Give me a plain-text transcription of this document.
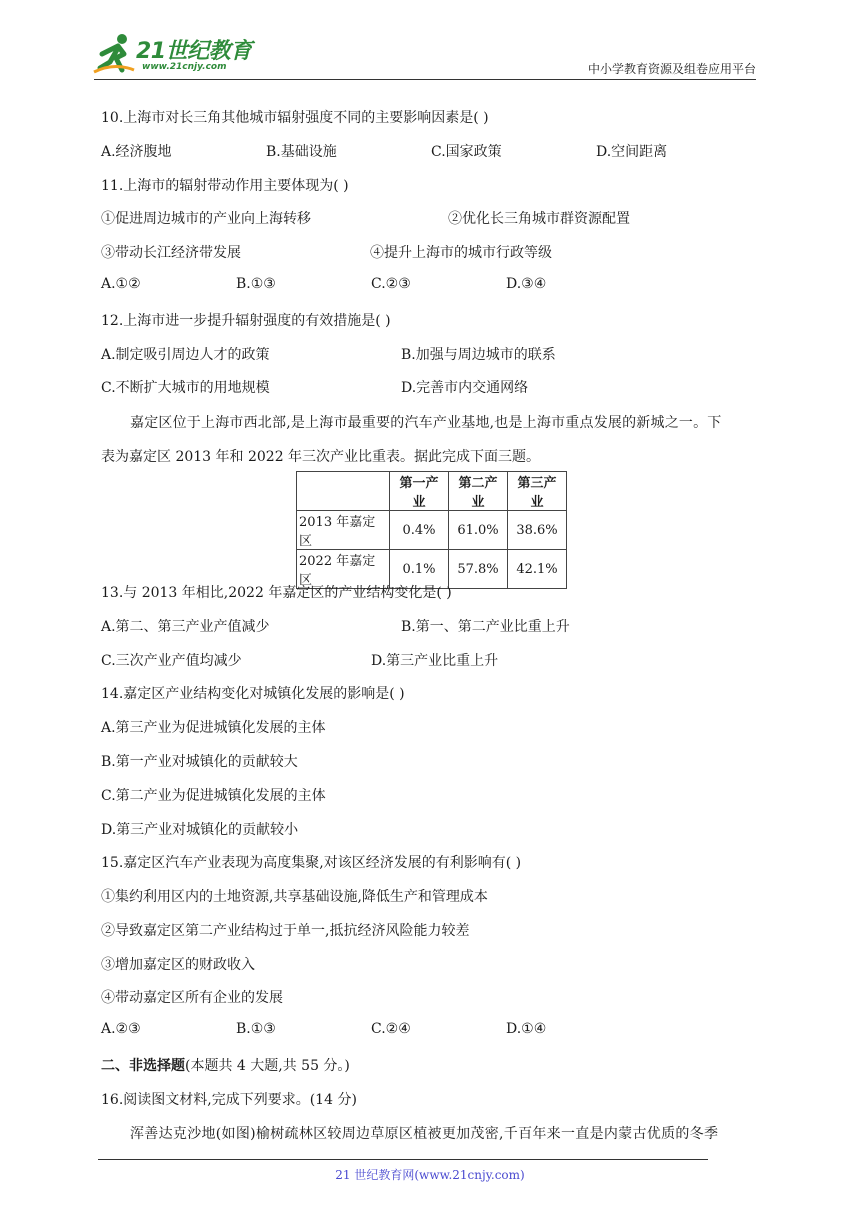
21世纪教育
www.21cnjy.com	中小学教育资源及组卷应用平台
10.上海市对长三角其他城市辐射强度不同的主要影响因素是( )
A.经济腹地	B.基础设施	C.国家政策	D.空间距离
11.上海市的辐射带动作用主要体现为( )
①促进周边城市的产业向上海转移	②优化长三角城市群资源配置
③带动长江经济带发展	④提升上海市的城市行政等级
A.①②	B.①③	C.②③	D.③④
12.上海市进一步提升辐射强度的有效措施是( )
A.制定吸引周边人才的政策	B.加强与周边城市的联系
C.不断扩大城市的用地规模	D.完善市内交通网络
嘉定区位于上海市西北部,是上海市最重要的汽车产业基地,也是上海市重点发展的新城之一。下
表为嘉定区 2013 年和 2022 年三次产业比重表。据此完成下面三题。
	第一产业	第二产业	第三产业
2013 年嘉定区	0.4%	61.0%	38.6%
2022 年嘉定区	0.1%	57.8%	42.1%
13.与 2013 年相比,2022 年嘉定区的产业结构变化是( )
A.第二、第三产业产值减少	B.第一、第二产业比重上升
C.三次产业产值均减少	D.第三产业比重上升
14.嘉定区产业结构变化对城镇化发展的影响是( )
A.第三产业为促进城镇化发展的主体
B.第一产业对城镇化的贡献较大
C.第二产业为促进城镇化发展的主体
D.第三产业对城镇化的贡献较小
15.嘉定区汽车产业表现为高度集聚,对该区经济发展的有利影响有( )
①集约利用区内的土地资源,共享基础设施,降低生产和管理成本
②导致嘉定区第二产业结构过于单一,抵抗经济风险能力较差
③增加嘉定区的财政收入
④带动嘉定区所有企业的发展
A.②③	B.①③	C.②④	D.①④
二、非选择题(本题共 4 大题,共 55 分。)
16.阅读图文材料,完成下列要求。(14 分)
浑善达克沙地(如图)榆树疏林区较周边草原区植被更加茂密,千百年来一直是内蒙古优质的冬季
21 世纪教育网(www.21cnjy.com)
